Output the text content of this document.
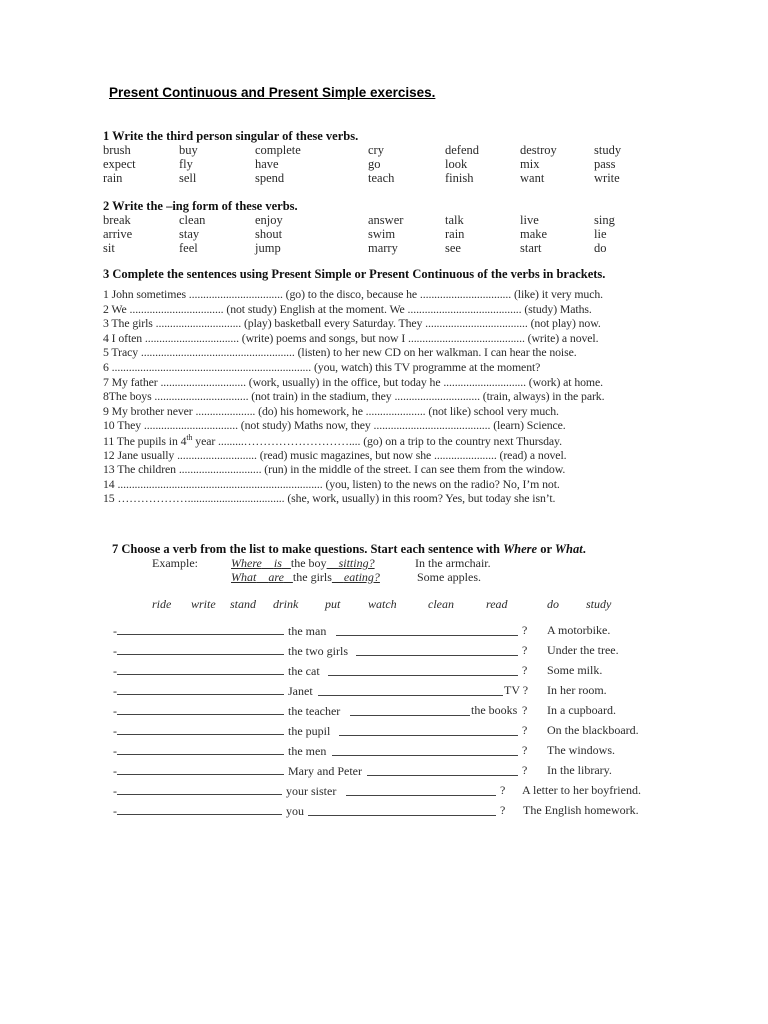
Present Continuous and Present Simple exercises.
1 Write the third person singular of these verbs.
brush	buy	complete	cry	defend	destroy	study
expect	fly	have	go	look	mix	pass
rain	sell	spend	teach	finish	want	write
2 Write the –ing form of these verbs.
break	clean	enjoy	answer	talk	live	sing
arrive	stay	shout	swim	rain	make	lie
sit	feel	jump	marry	see	start	do
3 Complete the sentences using Present Simple or Present Continuous of the verbs in brackets.
1 John sometimes ................................. (go) to the disco, because he ................................ (like) it very much.
2 We ................................. (not study) English at the moment. We ........................................ (study) Maths.
3 The girls .............................. (play) basketball every Saturday. They .................................... (not play) now.
4 I often ................................. (write) poems and songs, but now I ......................................... (write) a novel.
5 Tracy ...................................................... (listen) to her new CD on her walkman. I can hear the noise.
6 ...................................................................... (you, watch) this TV programme at the moment?
7 My father .............................. (work, usually) in the office, but today he ............................. (work) at home.
8The boys ................................. (not train) in the stadium, they .............................. (train, always) in the park.
9 My brother never ..................... (do) his homework, he ..................... (not like) school very much.
10 They ................................. (not study) Maths now, they ......................................... (learn) Science.
11 The pupils in 4th year .........……………………….... (go) on a trip to the country next Thursday.
12 Jane usually ............................ (read) music magazines, but now she ...................... (read) a novel.
13 The children ............................. (run) in the middle of the street. I can see them from the window.
14 ........................................................................ (you, listen) to the news on the radio? No, I’m not.
15 ……………….................................. (she, work, usually) in this room? Yes, but today she isn’t.
7 Choose a verb from the list to make questions. Start each sentence with Where or What.
Example:	Where is the boy sitting?	In the armchair.
What are the girls eating?	Some apples.
ride write stand drink put watch	clean	read	do study
-	the man	? A motorbike.
-	the two girls	? Under the tree.
-	the cat	? Some milk.
-	Janet	TV ? In her room.
-	the teacher	the books ? In a cupboard.
-	the pupil	? On the blackboard.
-	the men	? The windows.
-	Mary and Peter	? In the library.
-	your sister	? A letter to her boyfriend.
-	you	? The English homework.
